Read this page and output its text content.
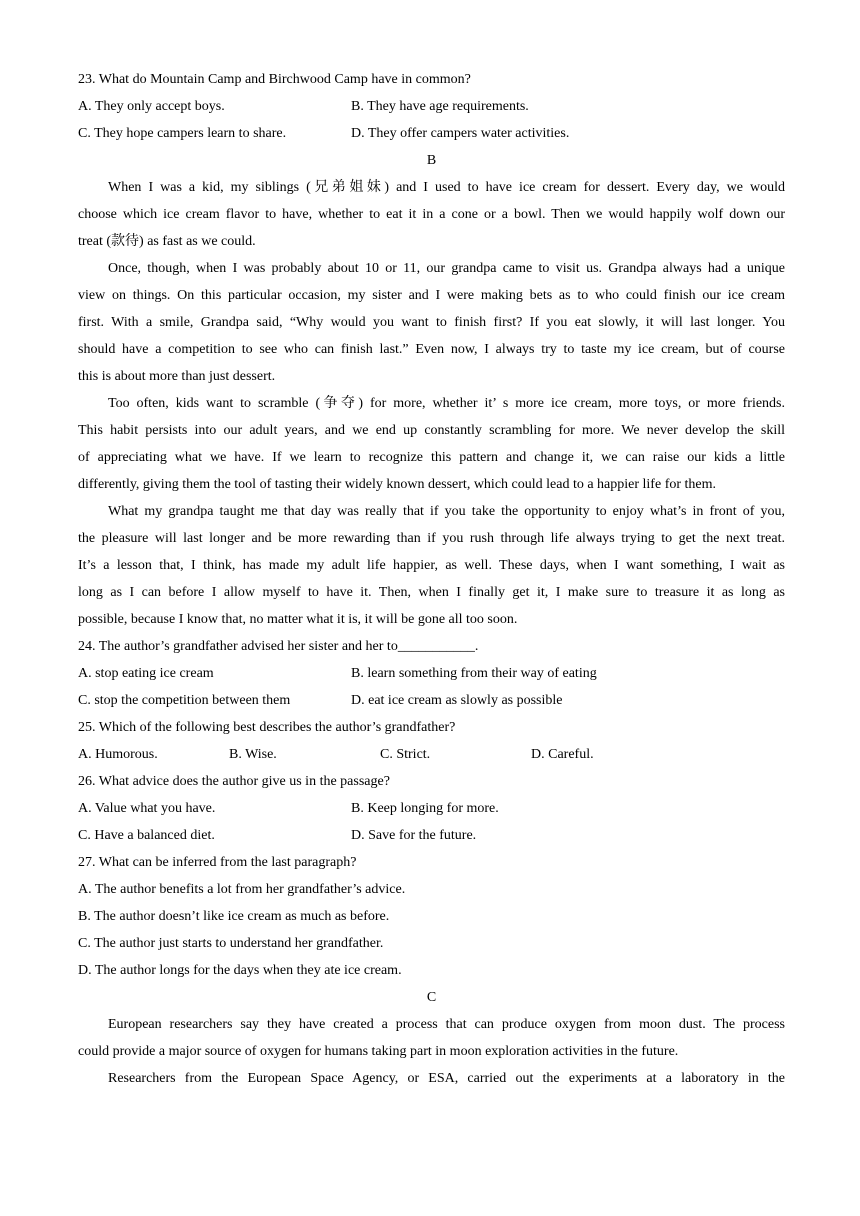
23. What do Mountain Camp and Birchwood Camp have in common?
A. They only accept boys.	B. They have age requirements.
C. They hope campers learn to share.	D. They offer campers water activities.
B
When I was a kid, my siblings (兄弟姐妹) and I used to have ice cream for dessert. Every day, we would
choose which ice cream flavor to have, whether to eat it in a cone or a bowl. Then we would happily wolf down our
treat (款待) as fast as we could.
Once, though, when I was probably about 10 or 11, our grandpa came to visit us. Grandpa always had a unique
view on things. On this particular occasion, my sister and I were making bets as to who could finish our ice cream
first. With a smile, Grandpa said, “Why would you want to finish first? If you eat slowly, it will last longer. You
should have a competition to see who can finish last.” Even now, I always try to taste my ice cream, but of course
this is about more than just dessert.
Too often, kids want to scramble (争夺) for more, whether it’ s more ice cream, more toys, or more friends.
This habit persists into our adult years, and we end up constantly scrambling for more. We never develop the skill
of appreciating what we have. If we learn to recognize this pattern and change it, we can raise our kids a little
differently, giving them the tool of tasting their widely known dessert, which could lead to a happier life for them.
What my grandpa taught me that day was really that if you take the opportunity to enjoy what’s in front of you,
the pleasure will last longer and be more rewarding than if you rush through life always trying to get the next treat.
It’s a lesson that, I think, has made my adult life happier, as well. These days, when I want something, I wait as
long as I can before I allow myself to have it. Then, when I finally get it, I make sure to treasure it as long as
possible, because I know that, no matter what it is, it will be gone all too soon.
24. The author’s grandfather advised her sister and her to___________.
A. stop eating ice cream	B. learn something from their way of eating
C. stop the competition between them	D. eat ice cream as slowly as possible
25. Which of the following best describes the author’s grandfather?
A. Humorous.	B. Wise.	C. Strict.	D. Careful.
26. What advice does the author give us in the passage?
A. Value what you have.	B. Keep longing for more.
C. Have a balanced diet.	D. Save for the future.
27. What can be inferred from the last paragraph?
A. The author benefits a lot from her grandfather’s advice.
B. The author doesn’t like ice cream as much as before.
C. The author just starts to understand her grandfather.
D. The author longs for the days when they ate ice cream.
C
European researchers say they have created a process that can produce oxygen from moon dust. The process
could provide a major source of oxygen for humans taking part in moon exploration activities in the future.
Researchers from the European Space Agency, or ESA, carried out the experiments at a laboratory in the
